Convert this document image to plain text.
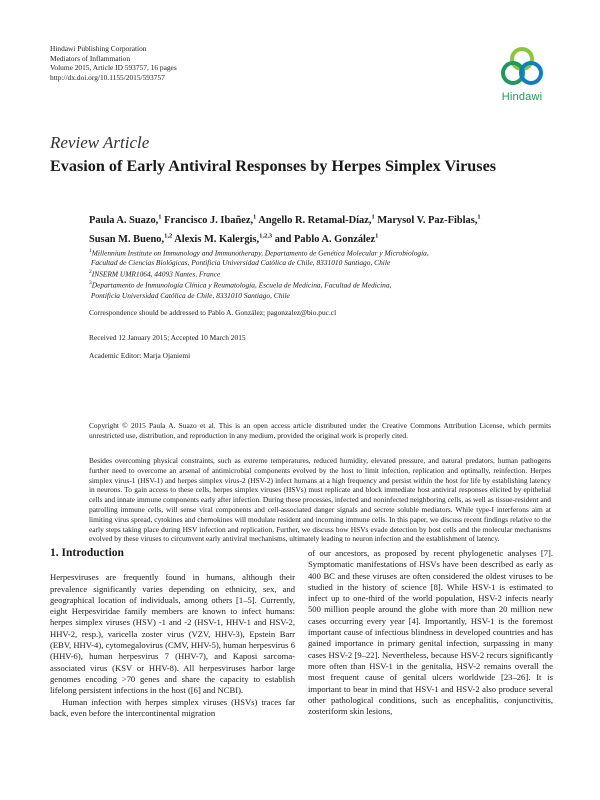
Hindawi Publishing Corporation
Mediators of Inflammation
Volume 2015, Article ID 593757, 16 pages
http://dx.doi.org/10.1155/2015/593757
Hindawi
Review Article
Evasion of Early Antiviral Responses by Herpes Simplex Viruses
Paula A. Suazo,$^1$ Francisco J. Ibañez,$^1$ Angello R. Retamal-Díaz,$^1$ Marysol V. Paz-Fiblas,$^1$
Susan M. Bueno,$^{1,2}$ Alexis M. Kalergis,$^{1,2,3}$ and Pablo A. González$^1$
$^1$Millennium Institute on Immunology and Immunotherapy, Departamento de Genética Molecular y Microbiología,
Facultad de Ciencias Biológicas, Pontificia Universidad Católica de Chile, 8331010 Santiago, Chile
$^2$INSERM UMR1064, 44093 Nantes, France
$^3$Departamento de Inmunología Clínica y Reumatología, Escuela de Medicina, Facultad de Medicina,
Pontificia Universidad Católica de Chile, 8331010 Santiago, Chile
Correspondence should be addressed to Pablo A. González; pagonzalez@bio.puc.cl
Received 12 January 2015; Accepted 10 March 2015
Academic Editor: Marja Ojaniemi
Copyright © 2015 Paula A. Suazo et al. This is an open access article distributed under the Creative Commons Attribution License, which permits unrestricted use, distribution, and reproduction in any medium, provided the original work is properly cited.
Besides overcoming physical constraints, such as extreme temperatures, reduced humidity, elevated pressure, and natural predators, human pathogens further need to overcome an arsenal of antimicrobial components evolved by the host to limit infection, replication and optimally, reinfection. Herpes simplex virus-1 (HSV-1) and herpes simplex virus-2 (HSV-2) infect humans at a high frequency and persist within the host for life by establishing latency in neurons. To gain access to these cells, herpes simplex viruses (HSVs) must replicate and block immediate host antiviral responses elicited by epithelial cells and innate immune components early after infection. During these processes, infected and noninfected neighboring cells, as well as tissue-resident and patrolling immune cells, will sense viral components and cell-associated danger signals and secrete soluble mediators. While type-I interferons aim at limiting virus spread, cytokines and chemokines will modulate resident and incoming immune cells. In this paper, we discuss recent findings relative to the early steps taking place during HSV infection and replication. Further, we discuss how HSVs evade detection by host cells and the molecular mechanisms evolved by these viruses to circumvent early antiviral mechanisms, ultimately leading to neuron infection and the establishment of latency.
1. Introduction

Herpesviruses are frequently found in humans, although their prevalence significantly varies depending on ethnicity, sex, and geographical location of individuals, among others [1–5]. Currently, eight Herpesviridae family members are known to infect humans: herpes simplex viruses (HSV) -1 and -2 (HSV-1, HHV-1 and HSV-2, HHV-2, resp.), varicella zoster virus (VZV, HHV-3), Epstein Barr (EBV, HHV-4), cytomegalovirus (CMV, HHV-5), human herpesvirus 6 (HHV-6), human herpesvirus 7 (HHV-7), and Kaposi sarcoma-associated virus (KSV or HHV-8). All herpesviruses harbor large genomes encoding >70 genes and share the capacity to establish lifelong persistent infections in the host ([6] and NCBI).

Human infection with herpes simplex viruses (HSVs) traces far back, even before the intercontinental migration

of our ancestors, as proposed by recent phylogenetic analyses [7]. Symptomatic manifestations of HSVs have been described as early as 400 BC and these viruses are often considered the oldest viruses to be studied in the history of science [8]. While HSV-1 is estimated to infect up to one-third of the world population, HSV-2 infects nearly 500 million people around the globe with more than 20 million new cases occurring every year [4]. Importantly, HSV-1 is the foremost important cause of infectious blindness in developed countries and has gained importance in primary genital infection, surpassing in many cases HSV-2 [9–22]. Nevertheless, because HSV-2 recurs significantly more often than HSV-1 in the genitalia, HSV-2 remains overall the most frequent cause of genital ulcers worldwide [23–26]. It is important to bear in mind that HSV-1 and HSV-2 also produce several other pathological conditions, such as encephalitis, conjunctivitis, zosteriform skin lesions,
